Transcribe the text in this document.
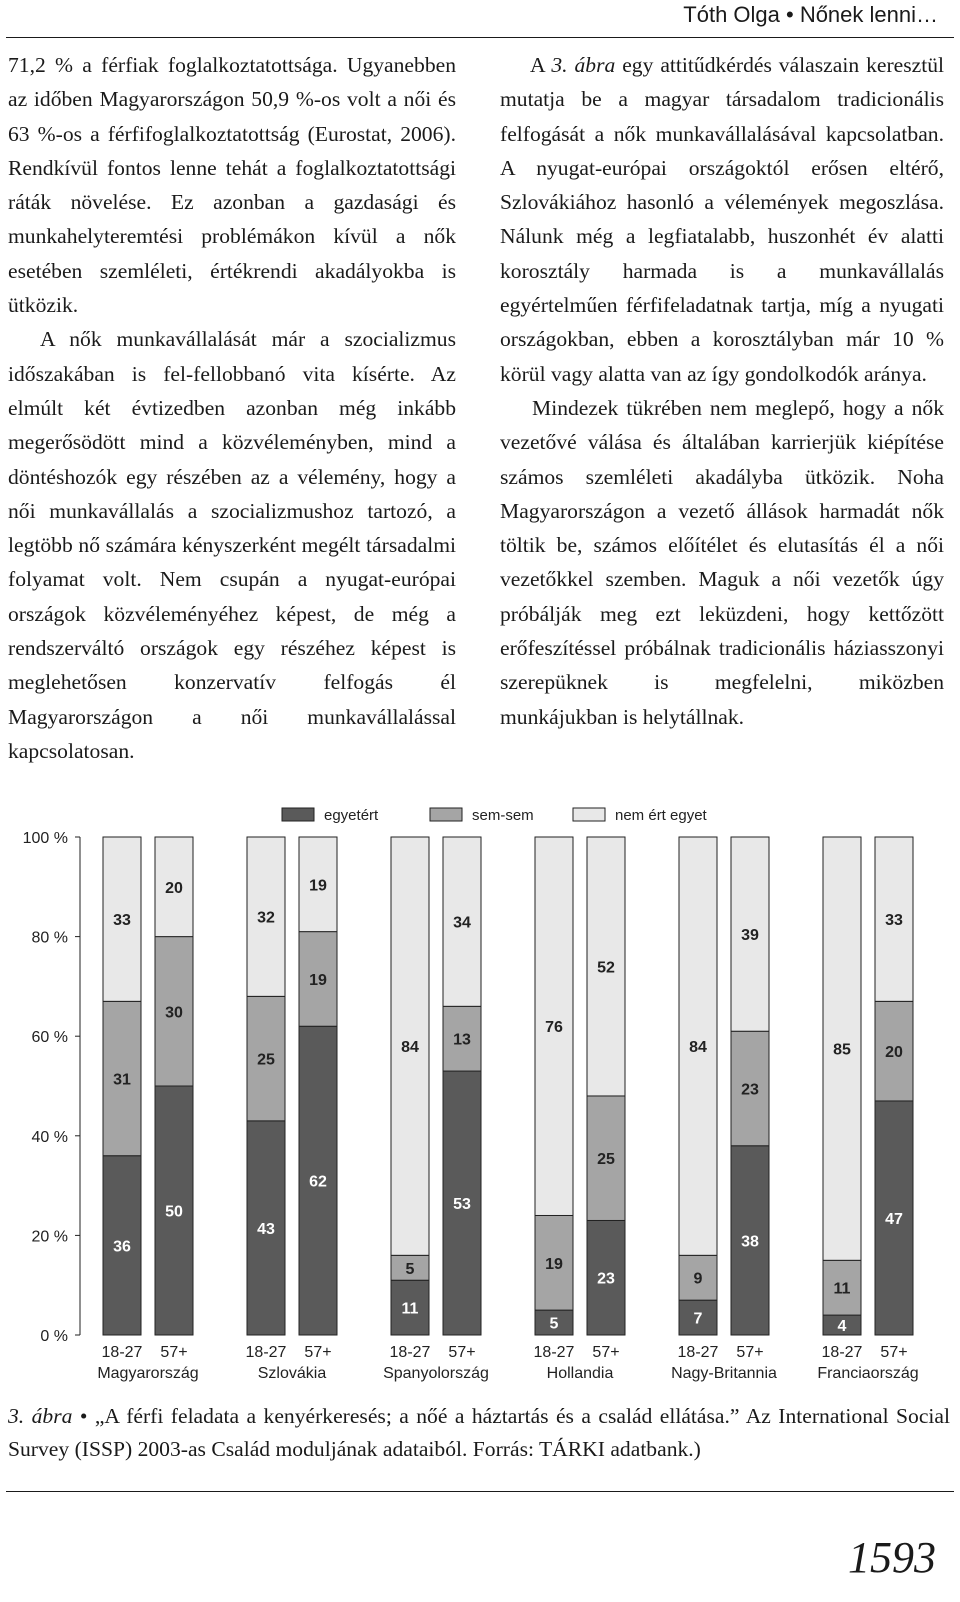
Tóth Olga • Nőnek lenni…

71,2 % a férfiak foglalkoztatottsága. Ugyanebben az időben Magyarországon 50,9 %-os volt a női és 63 %-os a férfifoglalkoztatottság (Eurostat, 2006). Rendkívül fontos lenne tehát a foglalkoztatottsági ráták növelése. Ez azonban a gazdasági és munkahelyteremtési problémákon kívül a nők esetében szemléleti, értékrendi akadályokba is ütközik.

A nők munkavállalását már a szocializmus időszakában is fel-fellobbanó vita kísérte. Az elmúlt két évtizedben azonban még inkább megerősödött mind a közvéleményben, mind a döntéshozók egy részében az a vélemény, hogy a női munkavállalás a szocializmushoz tartozó, a legtöbb nő számára kényszerként megélt társadalmi folyamat volt. Nem csupán a nyugat-európai országok közvéleményéhez képest, de még a rendszerváltó országok egy részéhez képest is meglehetősen konzervatív felfogás él Magyarországon a női munkavállalással kapcsolatosan.

A 3. ábra egy attitűdkérdés válaszain keresztül mutatja be a magyar társadalom tradicionális felfogását a nők munkavállalásával kapcsolatban. A nyugat-európai országoktól erősen eltérő, Szlovákiához hasonló a vélemények megoszlása. Nálunk még a legfiatalabb, huszonhét év alatti korosztály harmada is a munkavállalás egyértelműen férfifeladatnak tartja, míg a nyugati országokban, ebben a korosztályban már 10 % körül vagy alatta van az így gondolkodók aránya.

Mindezek tükrében nem meglepő, hogy a nők vezetővé válása és általában karrierjük kiépítése számos szemléleti akadályba ütközik. Noha Magyarországon a vezető állások harmadát nők töltik be, számos előítélet és elutasítás él a női vezetőkkel szemben. Maguk a női vezetők úgy próbálják meg ezt leküzdeni, hogy kettőzött erőfeszítéssel próbálnak tradicionális háziasszonyi szerepüknek is megfelelni, miközben munkájukban is helytállnak.

0 %
20 %
40 %
60 %
80 %
100 %
egyetért	sem-sem	nem ért egyet
36
31
33
18-27
50
30
20
57+
Magyarország
43
25
32
18-27
62
19
19
57+
Szlovákia
11
5
84
18-27
53
13
34
57+
Spanyolország
5
19
76
18-27
23
25
52
57+
Hollandia
7
9
84
18-27
38
23
39
57+
Nagy-Britannia
4
11
85
18-27
47
20
33
57+
Franciaország
3. ábra • „A férfi feladata a kenyérkeresés; a nőé a háztartás és a család ellátása.” Az International Social Survey (ISSP) 2003-as Család moduljának adataiból. Forrás: TÁRKI adatbank.)
1593
